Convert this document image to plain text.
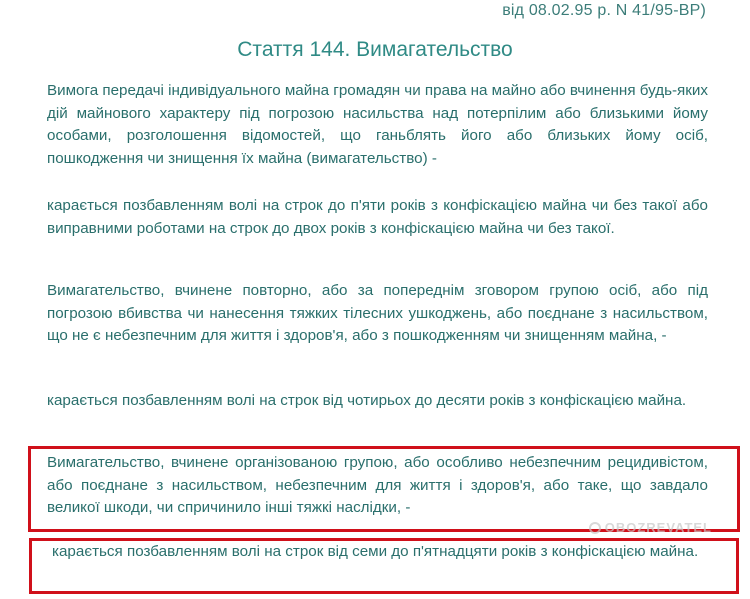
від 08.02.95 р. N 41/95-ВР)
Стаття 144. Вимагательство

Вимога передачі індивідуального майна громадян чи права на майно або вчинення будь-яких дій майнового характеру під погрозою насильства над потерпілим або близькими йому особами, розголошення відомостей, що ганьблять його або близьких йому осіб, пошкодження чи знищення їх майна (вимагательство) -

карається позбавленням волі на строк до п'яти років з конфіскацією майна чи без такої або виправними роботами на строк до двох років з конфіскацією майна чи без такої.

Вимагательство, вчинене повторно, або за попереднім зговором групою осіб, або під погрозою вбивства чи нанесення тяжких тілесних ушкоджень, або поєднане з насильством, що не є небезпечним для життя і здоров'я, або з пошкодженням чи знищенням майна, -

карається позбавленням волі на строк від чотирьох до десяти років з конфіскацією майна.

Вимагательство, вчинене організованою групою, або особливо небезпечним рецидивістом, або поєднане з насильством, небезпечним для життя і здоров'я, або таке, що завдало великої шкоди, чи спричинило інші тяжкі наслідки, -

карається позбавленням волі на строк від семи до п'ятнадцяти років з конфіскацією майна.

OBOZREVATEL
